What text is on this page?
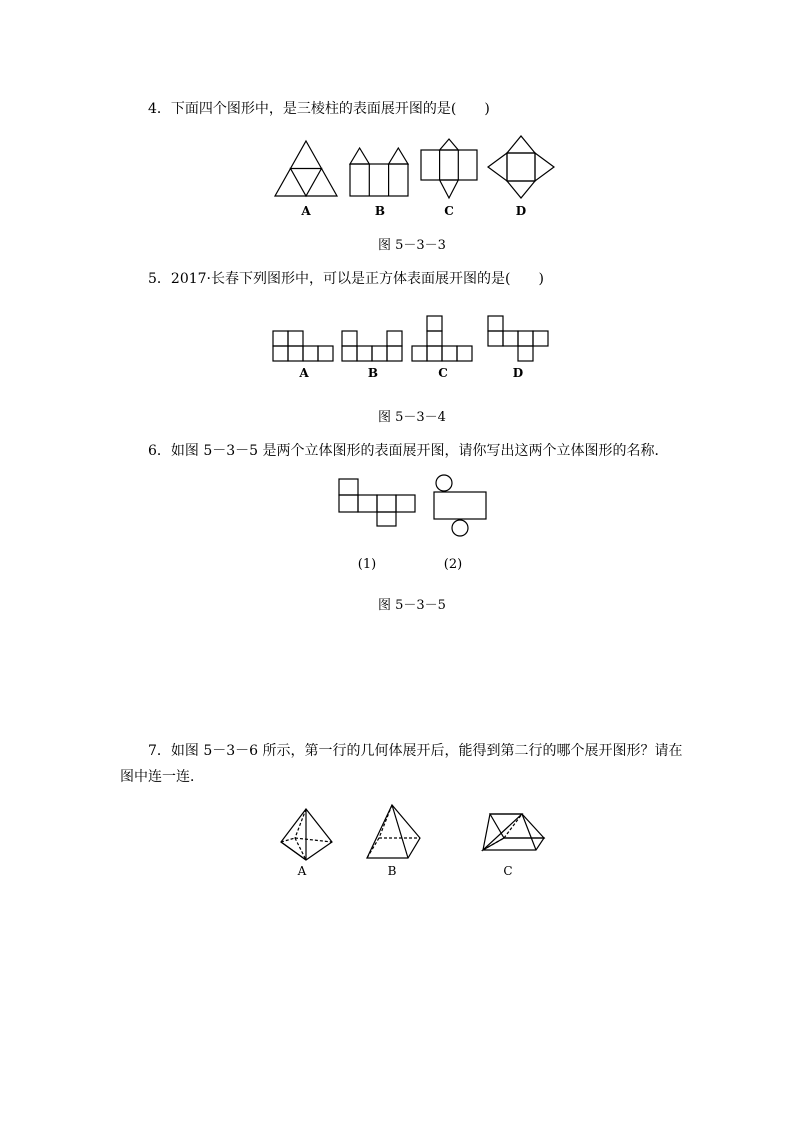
4．下面四个图形中，是三棱柱的表面展开图的是(　　)
A	B	C	D
图 5－3－3
5．2017·长春下列图形中，可以是正方体表面展开图的是(　　)
A	B	C	D
图 5－3－4
6．如图 5－3－5 是两个立体图形的表面展开图，请你写出这两个立体图形的名称．
(1)	(2)
图 5－3－5
7．如图 5－3－6 所示，第一行的几何体展开后，能得到第二行的哪个展开图形？请在
图中连一连．
A	B	C
